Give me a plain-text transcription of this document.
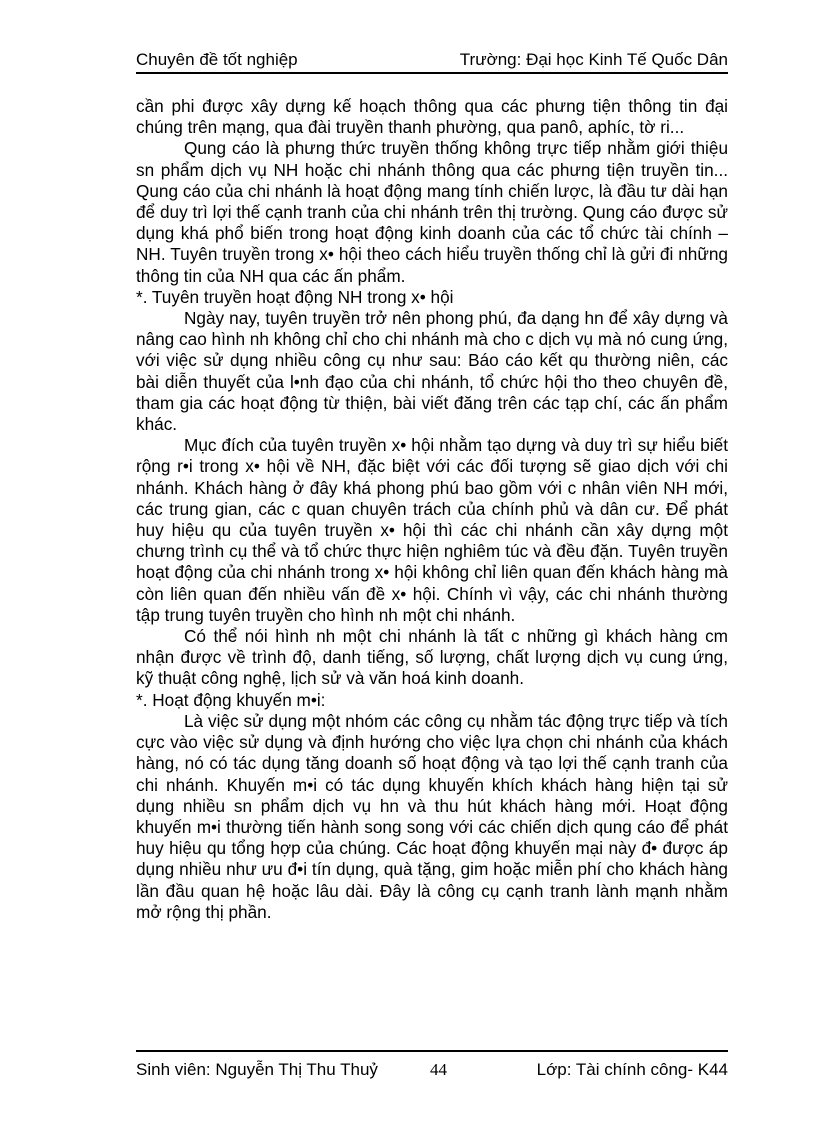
Chuyên đề tốt nghiệp	Trường: Đại học Kinh Tế Quốc Dân

cần phi được xây dựng kế hoạch thông qua các phưng tiện thông tin đại chúng trên mạng, qua đài truyền thanh phường, qua panô, aphíc, tờ ri...

Qung cáo là phưng thức truyền thống không trực tiếp nhằm giới thiệu sn phẩm dịch vụ NH hoặc chi nhánh thông qua các phưng tiện truyền tin... Qung cáo của chi nhánh là hoạt động mang tính chiến lược, là đầu tư dài hạn để duy trì lợi thế cạnh tranh của chi nhánh trên thị trường. Qung cáo được sử dụng khá phổ biến trong hoạt động kinh doanh của các tổ chức tài chính – NH. Tuyên truyền trong x• hội theo cách hiểu truyền thống chỉ là gửi đi những thông tin của NH qua các ấn phẩm.

*. Tuyên truyền hoạt động NH trong x• hội

Ngày nay, tuyên truyền trở nên phong phú, đa dạng hn để xây dựng và nâng cao hình nh không chỉ cho chi nhánh mà cho c dịch vụ mà nó cung ứng, với việc sử dụng nhiều công cụ như sau: Báo cáo kết qu thường niên, các bài diễn thuyết của l•nh đạo của chi nhánh, tổ chức hội tho theo chuyên đề, tham gia các hoạt động từ thiện, bài viết đăng trên các tạp chí, các ấn phẩm khác.

Mục đích của tuyên truyền x• hội nhằm tạo dựng và duy trì sự hiểu biết rộng r•i trong x• hội về NH, đặc biệt với các đối tượng sẽ giao dịch với chi nhánh. Khách hàng ở đây khá phong phú bao gồm với c nhân viên NH mới, các trung gian, các c quan chuyên trách của chính phủ và dân cư. Để phát huy hiệu qu của tuyên truyền x• hội thì các chi nhánh cần xây dựng một chưng trình cụ thể và tổ chức thực hiện nghiêm túc và đều đặn. Tuyên truyền hoạt động của chi nhánh trong x• hội không chỉ liên quan đến khách hàng mà còn liên quan đến nhiều vấn đề x• hội. Chính vì vậy, các chi nhánh thường tập trung tuyên truyền cho hình nh một chi nhánh.

Có thể nói hình nh một chi nhánh là tất c những gì khách hàng cm nhận được về trình độ, danh tiếng, số lượng, chất lượng dịch vụ cung ứng, kỹ thuật công nghệ, lịch sử và văn hoá kinh doanh.

*. Hoạt động khuyến m•i:

Là việc sử dụng một nhóm các công cụ nhằm tác động trực tiếp và tích cực vào việc sử dụng và định hướng cho việc lựa chọn chi nhánh của khách hàng, nó có tác dụng tăng doanh số hoạt động và tạo lợi thế cạnh tranh của chi nhánh. Khuyến m•i có tác dụng khuyến khích khách hàng hiện tại sử dụng nhiều sn phẩm dịch vụ hn và thu hút khách hàng mới. Hoạt động khuyến m•i thường tiến hành song song với các chiến dịch qung cáo để phát huy hiệu qu tổng hợp của chúng. Các hoạt động khuyến mại này đ• được áp dụng nhiều như ưu đ•i tín dụng, quà tặng, gim hoặc miễn phí cho khách hàng lần đầu quan hệ hoặc lâu dài. Đây là công cụ cạnh tranh lành mạnh nhằm mở rộng thị phần.

Sinh viên: Nguyễn Thị Thu Thuỷ	44	Lớp: Tài chính công- K44
